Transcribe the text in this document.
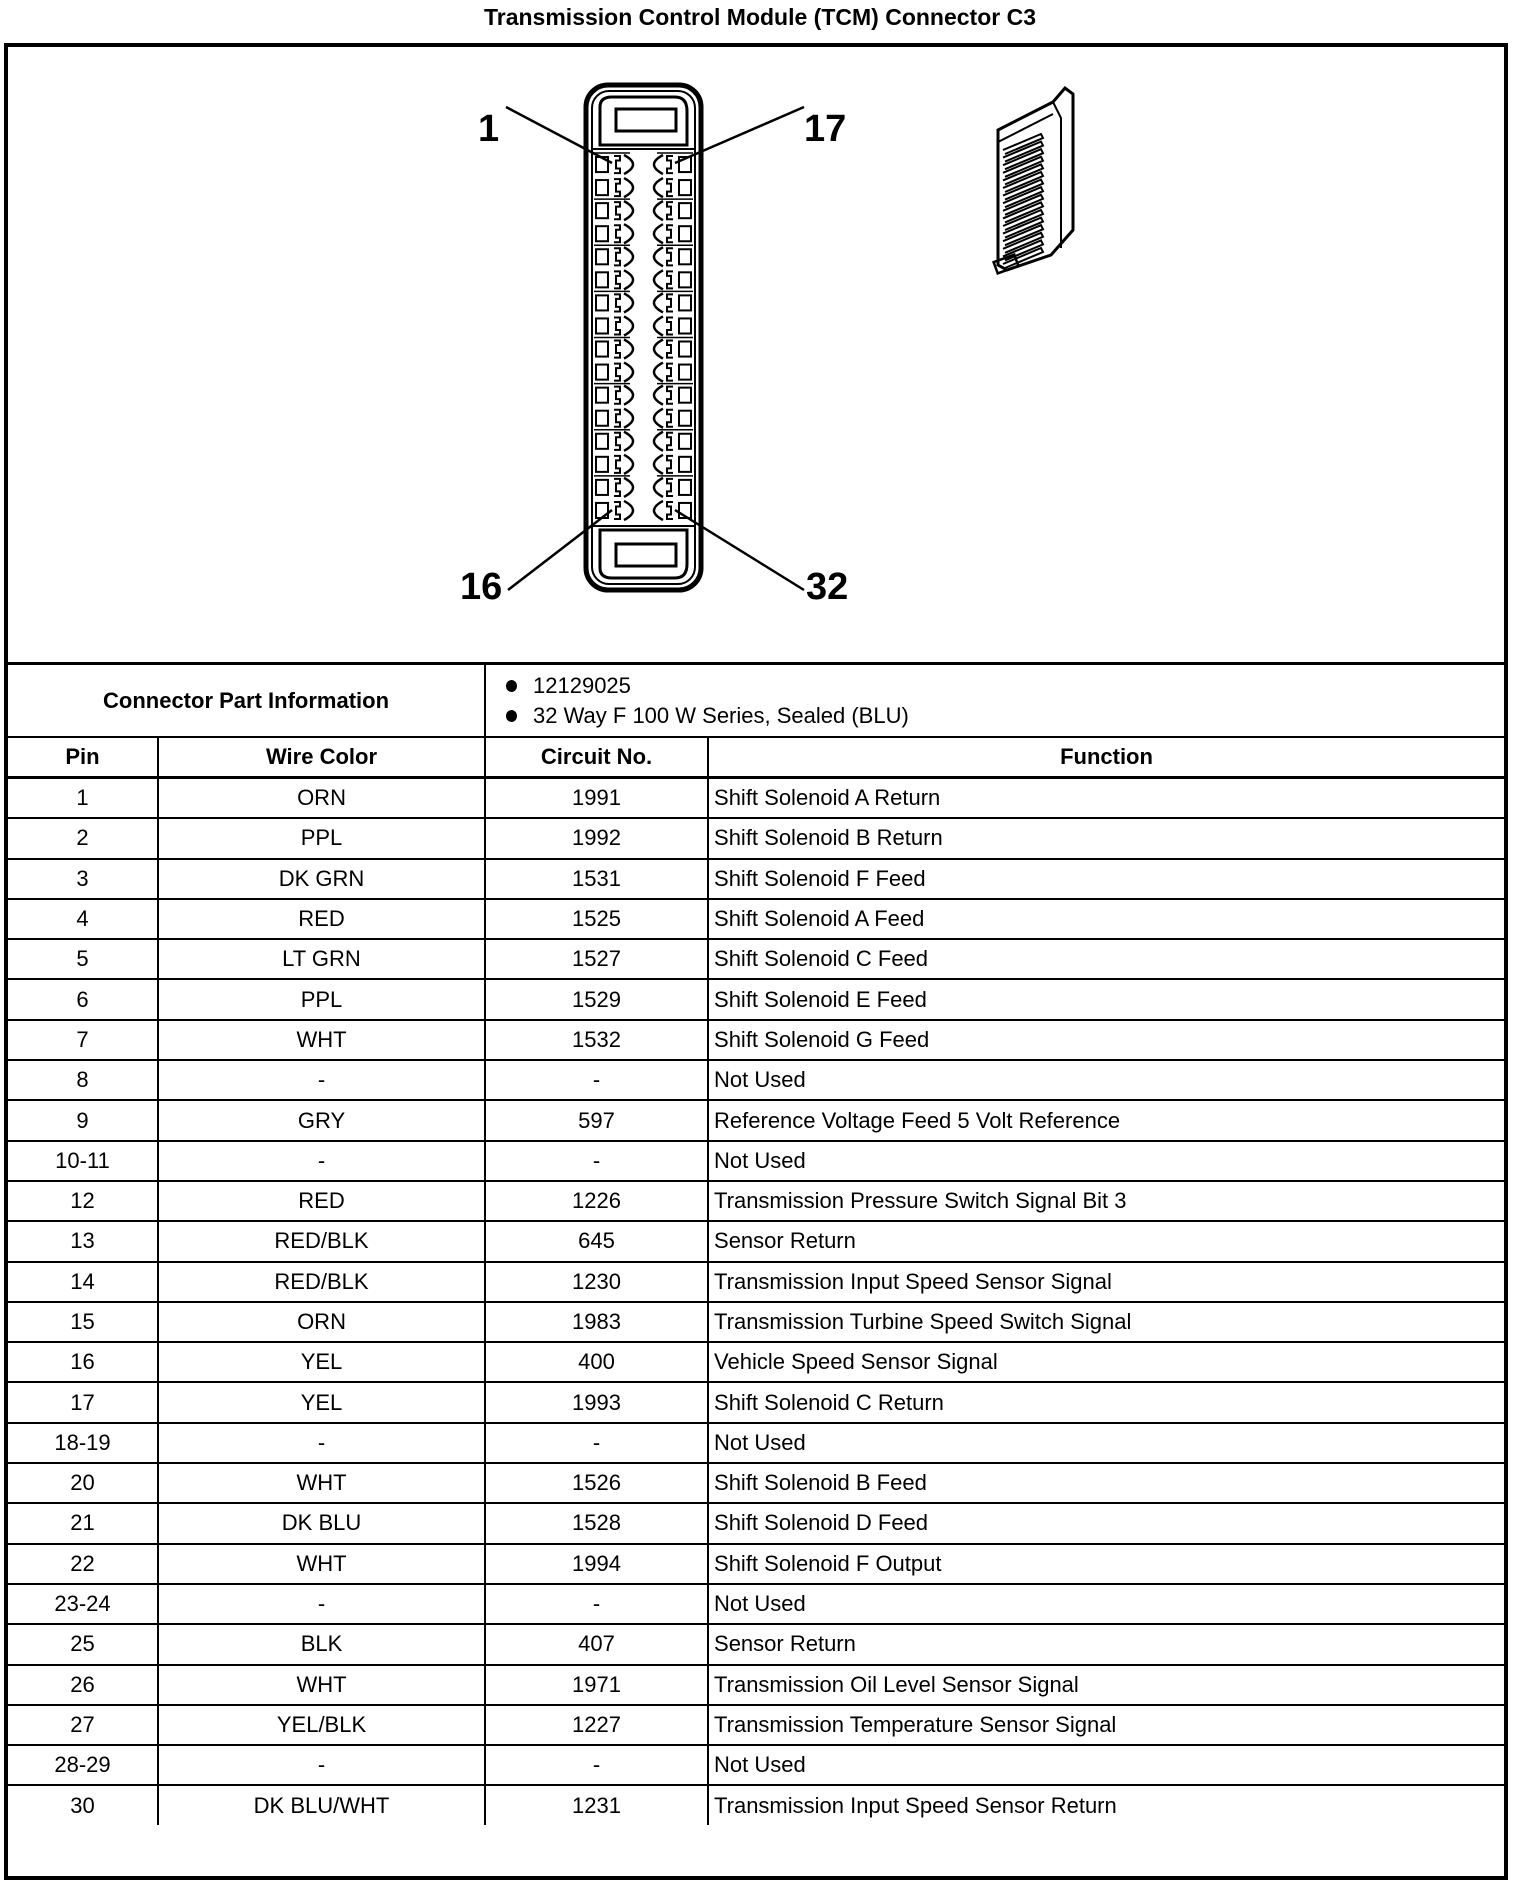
Transmission Control Module (TCM) Connector C3
1	17
16	32
Connector Part Information		12129025
32 Way F 100 W Series, Sealed (BLU)	

Pin	Wire Color	Circuit No.	Function
1	ORN	1991	Shift Solenoid A Return
2	PPL	1992	Shift Solenoid B Return
3	DK GRN	1531	Shift Solenoid F Feed
4	RED	1525	Shift Solenoid A Feed
5	LT GRN	1527	Shift Solenoid C Feed
6	PPL	1529	Shift Solenoid E Feed
7	WHT	1532	Shift Solenoid G Feed
8	-	-	Not Used
9	GRY	597	Reference Voltage Feed 5 Volt Reference
10-11	-	-	Not Used
12	RED	1226	Transmission Pressure Switch Signal Bit 3
13	RED/BLK	645	Sensor Return
14	RED/BLK	1230	Transmission Input Speed Sensor Signal
15	ORN	1983	Transmission Turbine Speed Switch Signal
16	YEL	400	Vehicle Speed Sensor Signal
17	YEL	1993	Shift Solenoid C Return
18-19	-	-	Not Used
20	WHT	1526	Shift Solenoid B Feed
21	DK BLU	1528	Shift Solenoid D Feed
22	WHT	1994	Shift Solenoid F Output
23-24	-	-	Not Used
25	BLK	407	Sensor Return
26	WHT	1971	Transmission Oil Level Sensor Signal
27	YEL/BLK	1227	Transmission Temperature Sensor Signal
28-29	-	-	Not Used
30	DK BLU/WHT	1231	Transmission Input Speed Sensor Return
